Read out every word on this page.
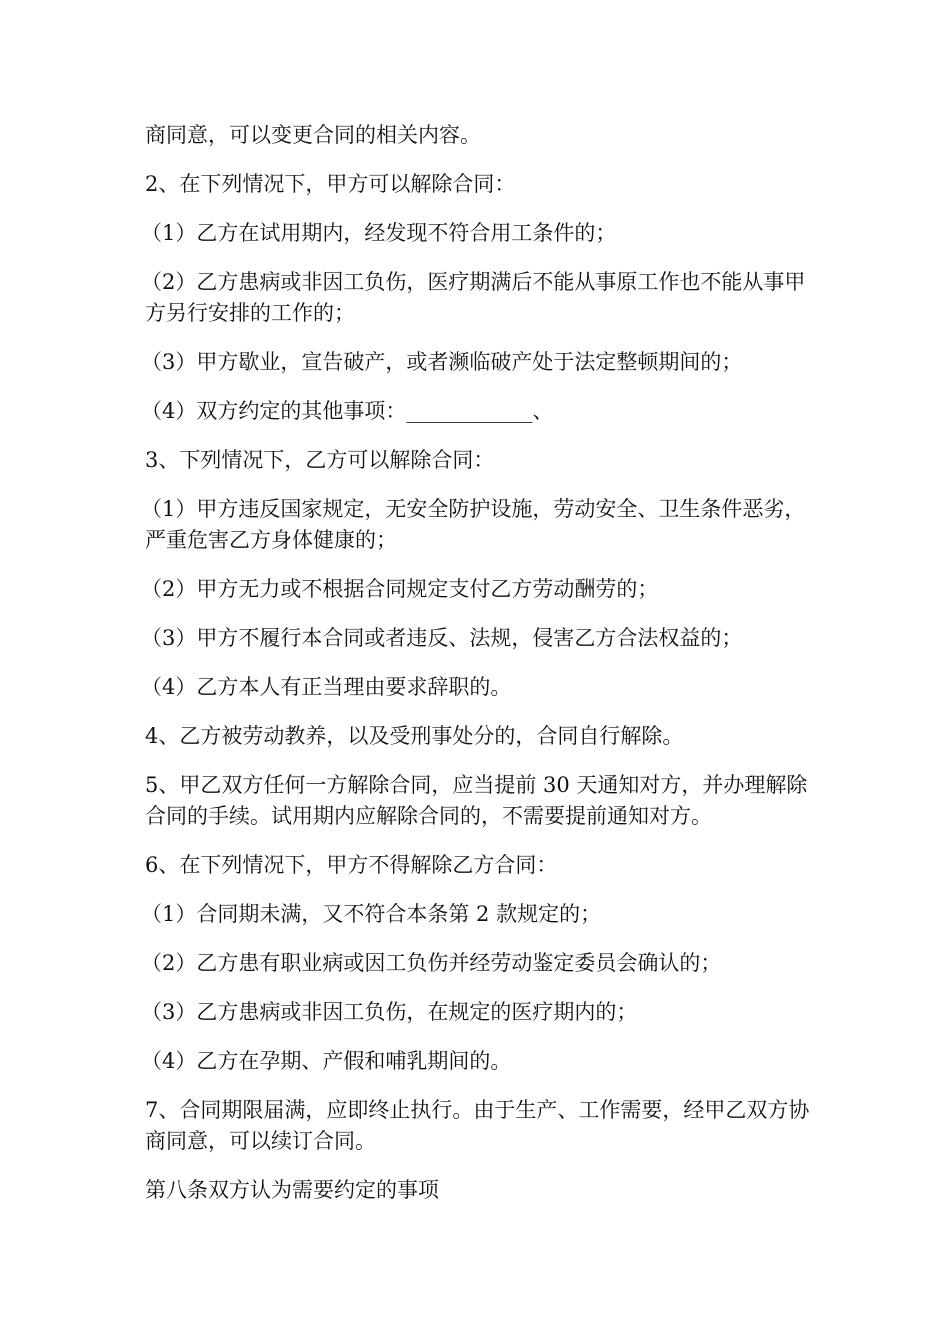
商同意，可以变更合同的相关内容。

2、在下列情况下，甲方可以解除合同：

（1）乙方在试用期内，经发现不符合用工条件的；

（2）乙方患病或非因工负伤，医疗期满后不能从事原工作也不能从事甲方另行安排的工作的；

（3）甲方歇业，宣告破产，或者濒临破产处于法定整顿期间的；

（4）双方约定的其他事项：____________、

3、下列情况下，乙方可以解除合同：

（1）甲方违反国家规定，无安全防护设施，劳动安全、卫生条件恶劣，严重危害乙方身体健康的；

（2）甲方无力或不根据合同规定支付乙方劳动酬劳的；

（3）甲方不履行本合同或者违反、法规，侵害乙方合法权益的；

（4）乙方本人有正当理由要求辞职的。

4、乙方被劳动教养，以及受刑事处分的，合同自行解除。

5、甲乙双方任何一方解除合同，应当提前 30 天通知对方，并办理解除合同的手续。试用期内应解除合同的，不需要提前通知对方。

6、在下列情况下，甲方不得解除乙方合同：

（1）合同期未满，又不符合本条第 2 款规定的；

（2）乙方患有职业病或因工负伤并经劳动鉴定委员会确认的；

（3）乙方患病或非因工负伤，在规定的医疗期内的；

（4）乙方在孕期、产假和哺乳期间的。

7、合同期限届满，应即终止执行。由于生产、工作需要，经甲乙双方协商同意，可以续订合同。

第八条双方认为需要约定的事项
